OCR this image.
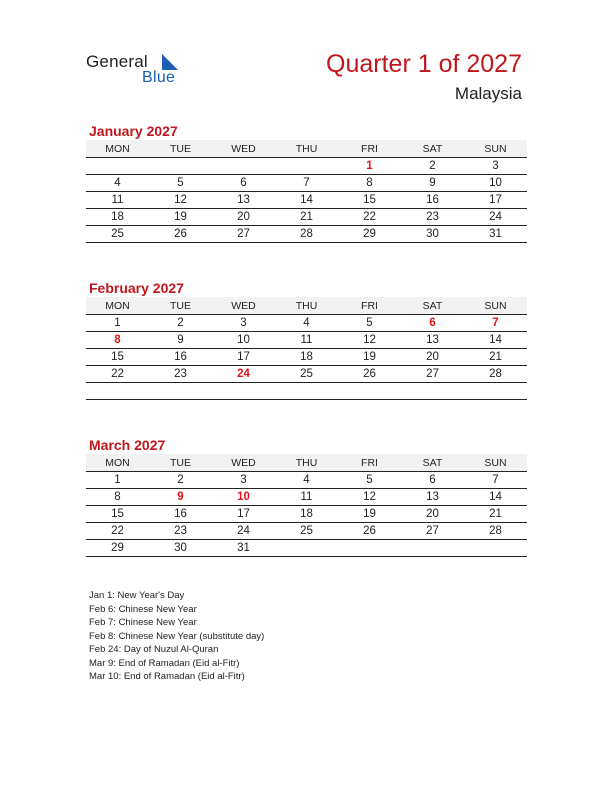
General
Blue	Quarter 1 of 2027
Malaysia
January 2027
MON	TUE	WED	THU	FRI	SAT	SUN
				1	2	3
4	5	6	7	8	9	10
11	12	13	14	15	16	17
18	19	20	21	22	23	24
25	26	27	28	29	30	31
February 2027
MON	TUE	WED	THU	FRI	SAT	SUN
1	2	3	4	5	6	7
8	9	10	11	12	13	14
15	16	17	18	19	20	21
22	23	24	25	26	27	28

March 2027
MON	TUE	WED	THU	FRI	SAT	SUN
1	2	3	4	5	6	7
8	9	10	11	12	13	14
15	16	17	18	19	20	21
22	23	24	25	26	27	28
29	30	31				
Jan 1: New Year's Day
Feb 6: Chinese New Year
Feb 7: Chinese New Year
Feb 8: Chinese New Year (substitute day)
Feb 24: Day of Nuzul Al-Quran
Mar 9: End of Ramadan (Eid al-Fitr)
Mar 10: End of Ramadan (Eid al-Fitr)
